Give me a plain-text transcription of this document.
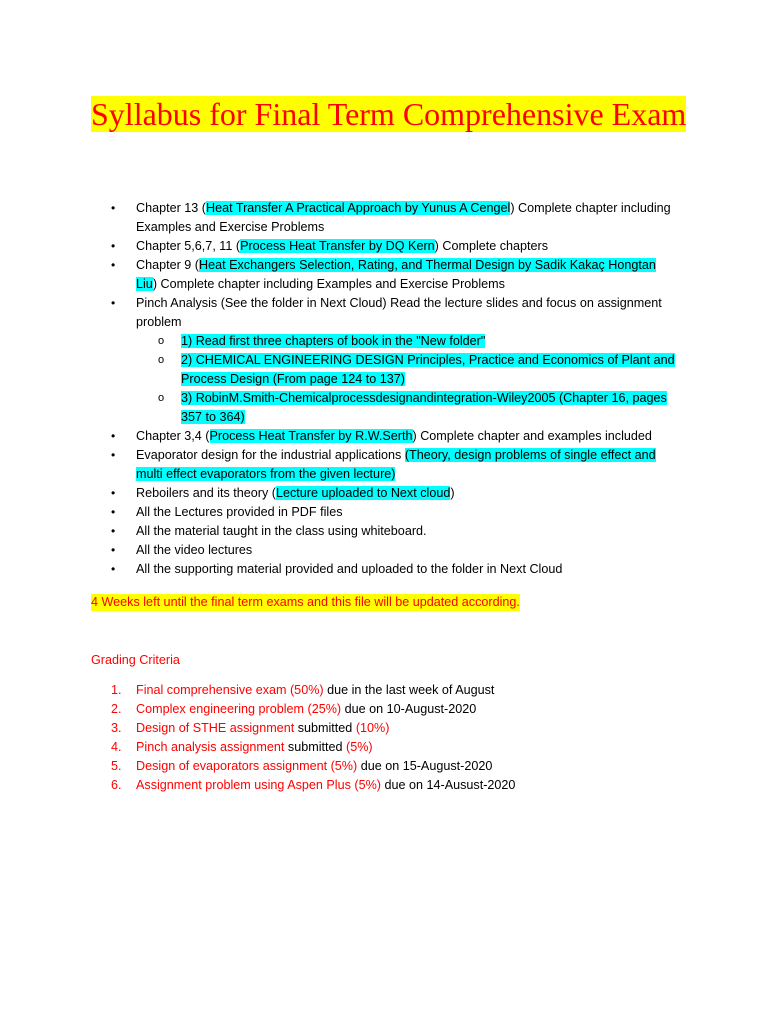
Syllabus for Final Term Comprehensive Exam
• Chapter 13 (Heat Transfer A Practical Approach by Yunus A Cengel) Complete chapter including Examples and Exercise Problems
• Chapter 5,6,7, 11 (Process Heat Transfer by DQ Kern) Complete chapters
• Chapter 9 (Heat Exchangers Selection, Rating, and Thermal Design by Sadik Kakaç Hongtan Liu) Complete chapter including Examples and Exercise Problems
• Pinch Analysis (See the folder in Next Cloud) Read the lecture slides and focus on assignment problem
o 1) Read first three chapters of book in the "New folder"
o 2) CHEMICAL ENGINEERING DESIGN Principles, Practice and Economics of Plant and Process Design (From page 124 to 137)
o 3) RobinM.Smith-Chemicalprocessdesignandintegration-Wiley2005 (Chapter 16, pages 357 to 364)
• Chapter 3,4 (Process Heat Transfer by R.W.Serth) Complete chapter and examples included
• Evaporator design for the industrial applications (Theory, design problems of single effect and multi effect evaporators from the given lecture)
• Reboilers and its theory (Lecture uploaded to Next cloud)
• All the Lectures provided in PDF files
• All the material taught in the class using whiteboard.
• All the video lectures
• All the supporting material provided and uploaded to the folder in Next Cloud
4 Weeks left until the final term exams and this file will be updated according.
Grading Criteria
1. Final comprehensive exam (50%) due in the last week of August
2. Complex engineering problem (25%) due on 10-August-2020
3. Design of STHE assignment submitted (10%)
4. Pinch analysis assignment submitted (5%)
5. Design of evaporators assignment (5%) due on 15-August-2020
6. Assignment problem using Aspen Plus (5%) due on 14-Ausust-2020
